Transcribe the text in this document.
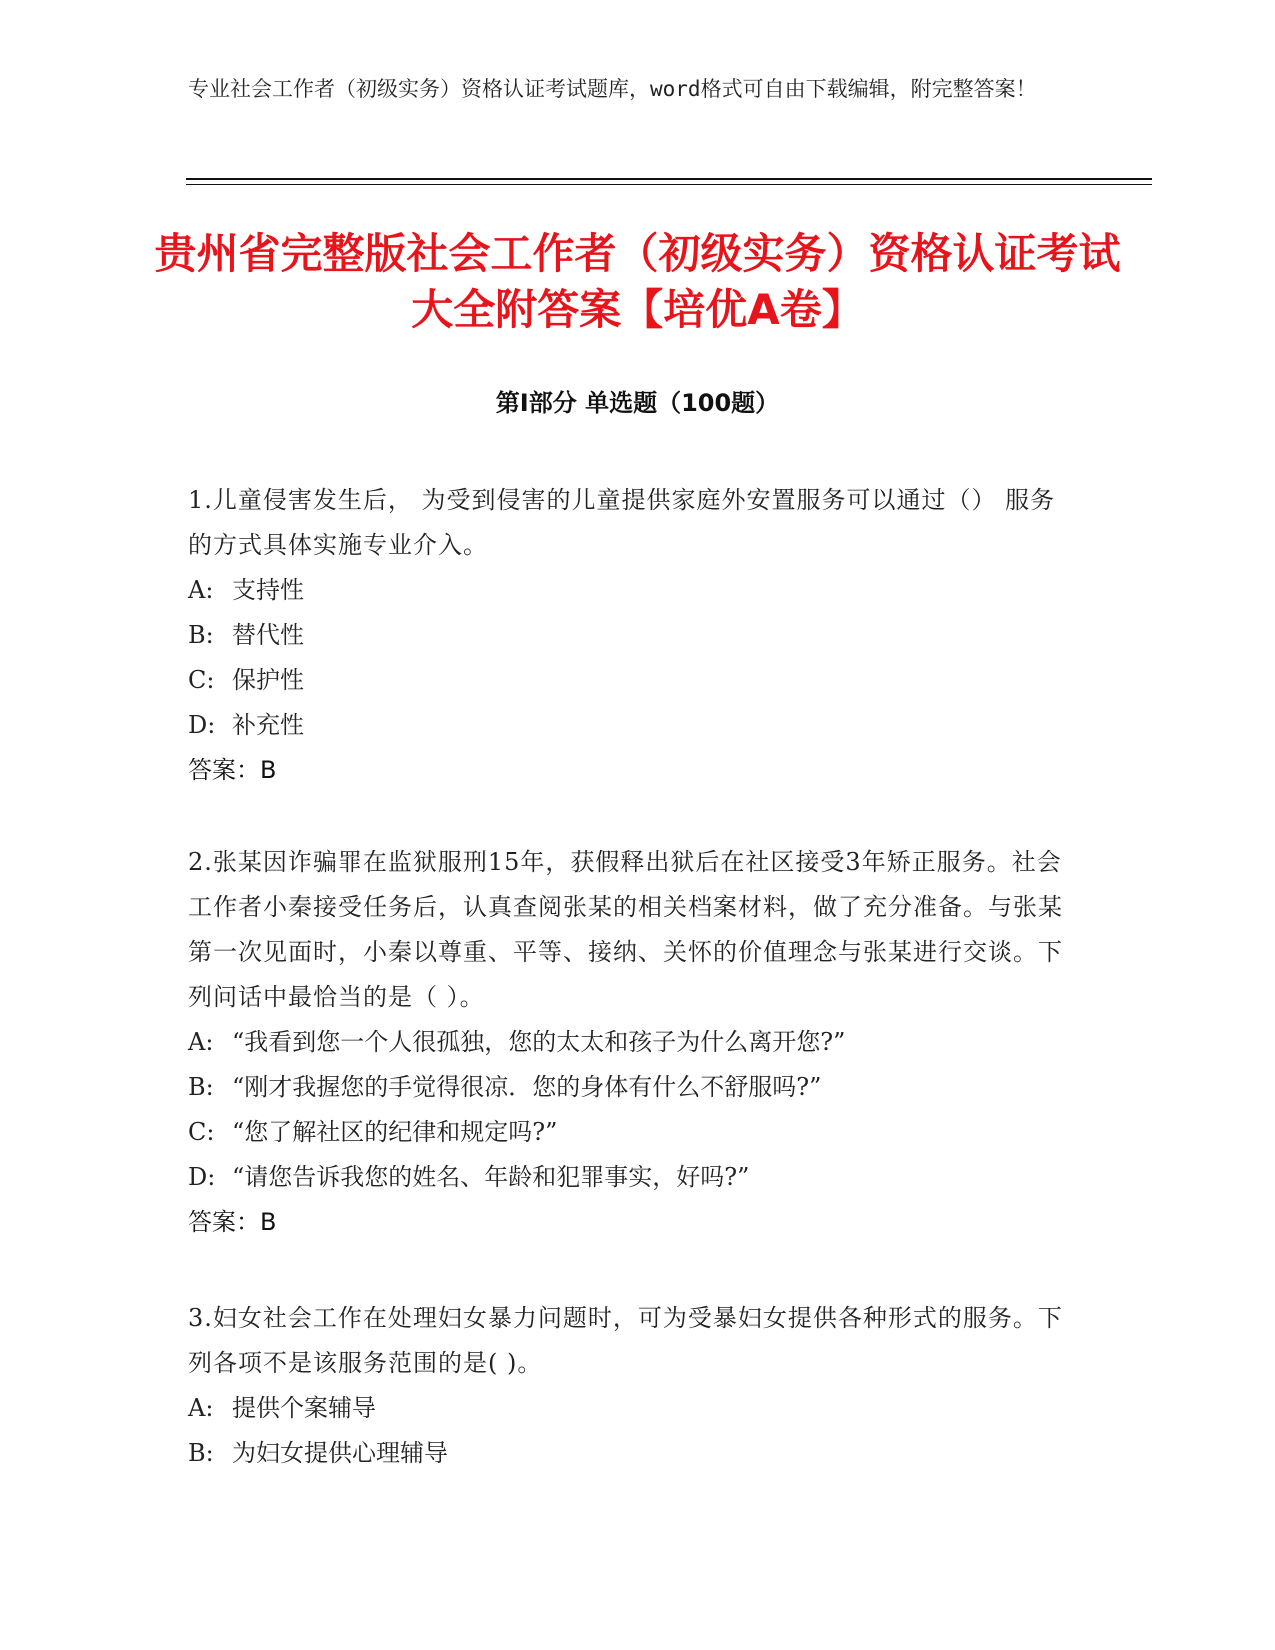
专业社会工作者（初级实务）资格认证考试题库，word格式可自由下载编辑，附完整答案！
贵州省完整版社会工作者（初级实务）资格认证考试大全附答案【培优A卷】
第I部分 单选题（100题）

1.儿童侵害发生后， 为受到侵害的儿童提供家庭外安置服务可以通过（） 服务的方式具体实施专业介入。

A: 支持性
B: 替代性
C: 保护性
D: 补充性

答案：B

2.张某因诈骗罪在监狱服刑15年，获假释出狱后在社区接受3年矫正服务。社会工作者小秦接受任务后，认真查阅张某的相关档案材料，做了充分准备。与张某第一次见面时，小秦以尊重、平等、接纳、关怀的价值理念与张某进行交谈。下列问话中最恰当的是（ ）。

A: “我看到您一个人很孤独，您的太太和孩子为什么离开您?”
B: “刚才我握您的手觉得很凉．您的身体有什么不舒服吗?”
C: “您了解社区的纪律和规定吗?”
D: “请您告诉我您的姓名、年龄和犯罪事实，好吗?”

答案：B

3.妇女社会工作在处理妇女暴力问题时，可为受暴妇女提供各种形式的服务。下列各项不是该服务范围的是( )。

A: 提供个案辅导
B: 为妇女提供心理辅导
